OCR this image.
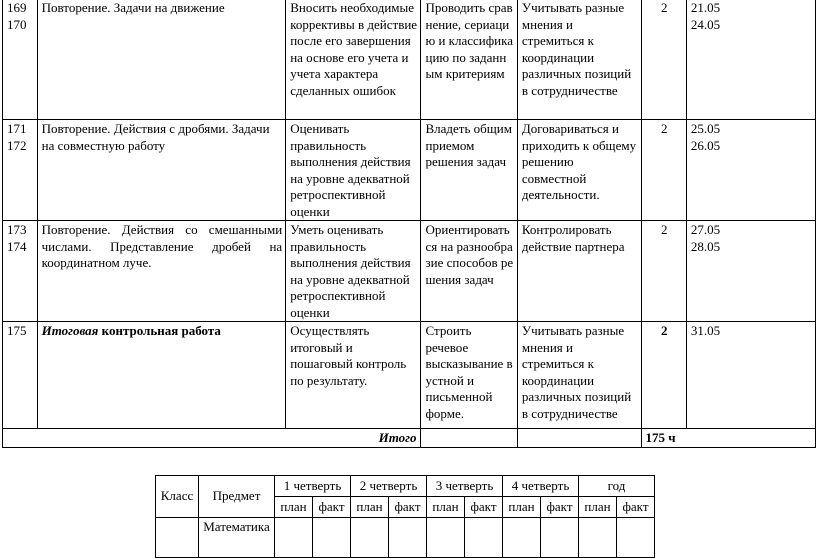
169
170	Повторение. Задачи на движение	Вносить необходимые коррективы в действие после его завершения на основе его учета и учета характера сделанных ошибок	Проводить сравнение, сериацию и классификацию по заданным критериям	Учитывать разные мнения и стремиться к координации различных позиций в сотрудничестве	2	21.05
24.05

171
172	Повторение. Действия с дробями. Задачи на совместную работу	Оценивать правильность выполнения действия на уровне адекватной ретроспективной оценки	Владеть общим приемом решения задач	Договариваться и приходить к общему решению совместной деятельности.	2	25.05
26.05

173
174	Повторение. Действия со смешанными числами. Представление дробей на координатном луче.	Уметь оценивать правильность выполнения действия на уровне адекватной ретроспективной оценки	Ориентироваться на разнообразие способов решения задач	Контролировать действие партнера	2	27.05
28.05

175	Итоговая контрольная работа	Осуществлять итоговый и пошаговый контроль по результату.	Строить речевое высказывание в устной и письменной форме.	Учитывать разные мнения и стремиться к координации различных позиций в сотрудничестве	2	31.05

Итого					175 ч	
Класс	Предмет	1 четверть		2 четверть		3 четверть		4 четверть		год	
		план	факт	план	факт	план	факт	план	факт	план	факт
	Математика										
